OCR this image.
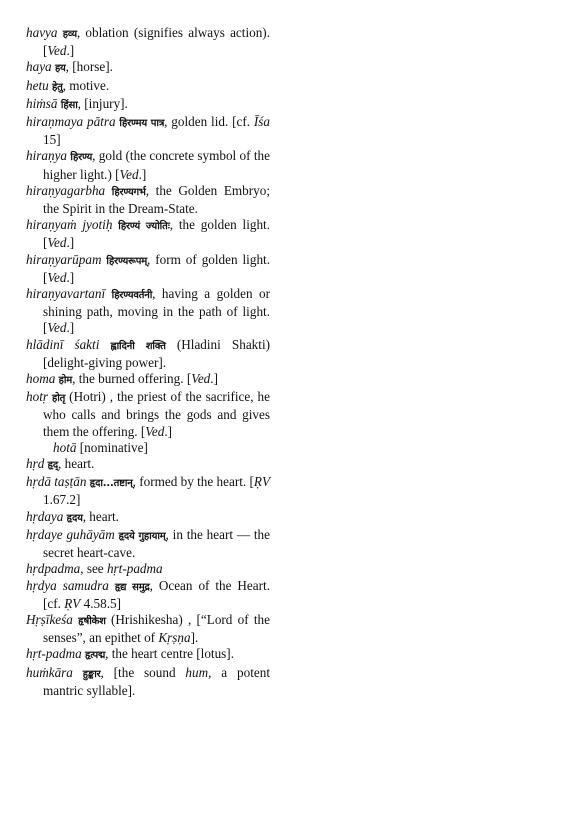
havya हव्य, oblation (signifies always action). [Ved.]

haya हय, [horse].

hetu हेतु, motive.

hiṁsā हिंसा, [injury].

hiraṇmaya pātra हिरण्मय पात्र, golden lid. [cf. Īśa 15]

hiraṇya हिरण्य, gold (the concrete symbol of the higher light.) [Ved.]

hiraṇyagarbha हिरण्यगर्भ, the Golden Embryo; the Spirit in the Dream-State.

hiraṇyaṁ jyotiḥ हिरण्यं ज्योतिः, the golden light. [Ved.]

hiraṇyarūpam हिरण्यरूपम्, form of golden light. [Ved.]

hiraṇyavartanī हिरण्यवर्तनी, having a golden or shining path, moving in the path of light. [Ved.]

hlādinī śakti ह्लादिनी शक्ति (Hladini Shakti) [delight-giving power].

homa होम, the burned offering. [Ved.]

hotṛ होतृ (Hotri) , the priest of the sacrifice, he who calls and brings the gods and gives them the offering. [Ved.]

hotā [nominative]

hṛd हृद्, heart.

hṛdā taṣṭān हृदा...तष्टान्, formed by the heart. [ṚV 1.67.2]

hṛdaya हृदय, heart.

hṛdaye guhāyām हृदये गुहायाम्, in the heart — the secret heart-cave.

hṛdpadma, see hṛt-padma

hṛdya samudra हृद्य समुद्र, Ocean of the Heart. [cf. ṚV 4.58.5]

Hṛṣīkeśa हृषीकेश (Hrishikesha) , [“Lord of the senses”, an epithet of Kṛṣṇa].

hṛt-padma हृत्पद्म, the heart centre [lotus].

huṁkāra हुङ्कार, [the sound hum, a potent mantric syllable].
